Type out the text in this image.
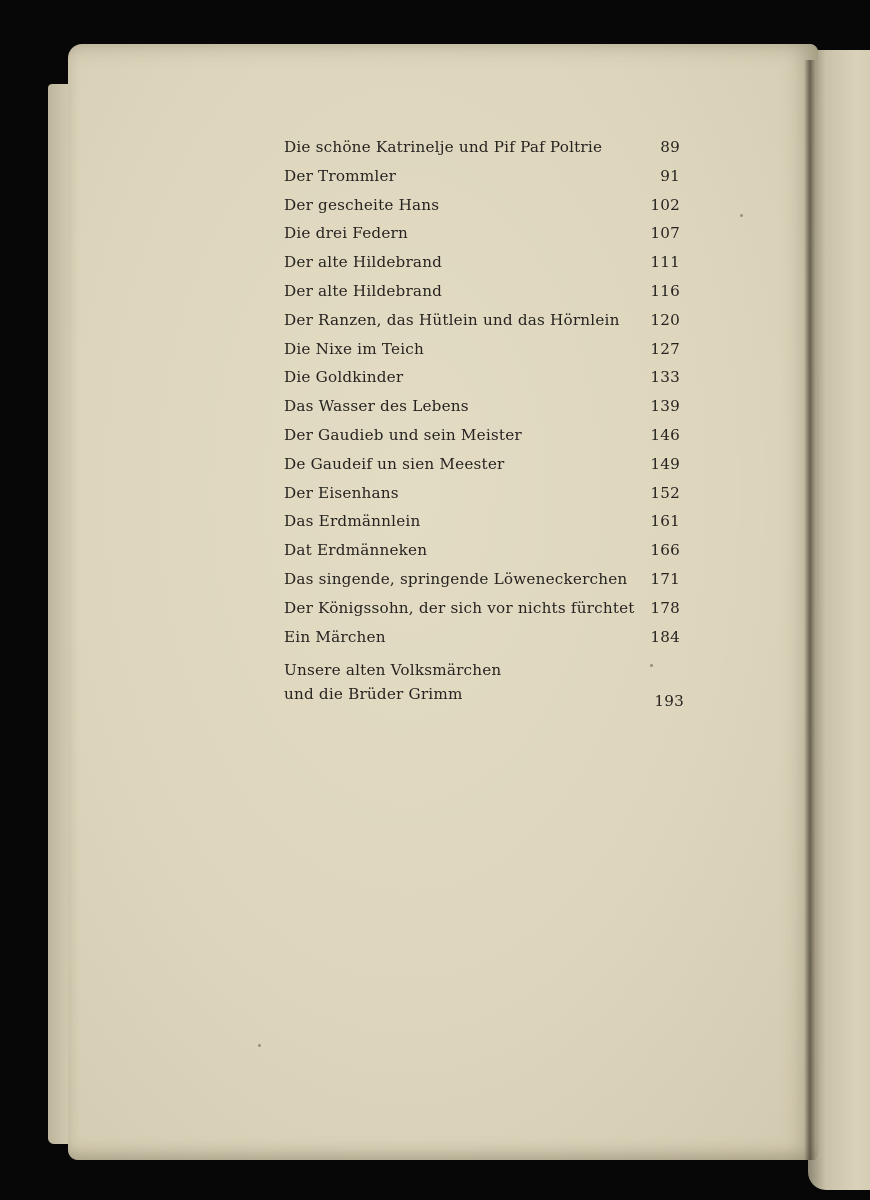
Die schöne Katrinelje und Pif Paf Poltrie	89
Der Trommler	91
Der gescheite Hans	102
Die drei Federn	107
Der alte Hildebrand	111
Der alte Hildebrand	116
Der Ranzen, das Hütlein und das Hörnlein	120
Die Nixe im Teich	127
Die Goldkinder	133
Das Wasser des Lebens	139
Der Gaudieb und sein Meister	146
De Gaudeif un sien Meester	149
Der Eisenhans	152
Das Erdmännlein	161
Dat Erdmänneken	166
Das singende, springende Löweneckerchen	171
Der Königssohn, der sich vor nichts fürchtet	178
Ein Märchen	184
Unsere alten Volksmärchen
und die Brüder Grimm	193
